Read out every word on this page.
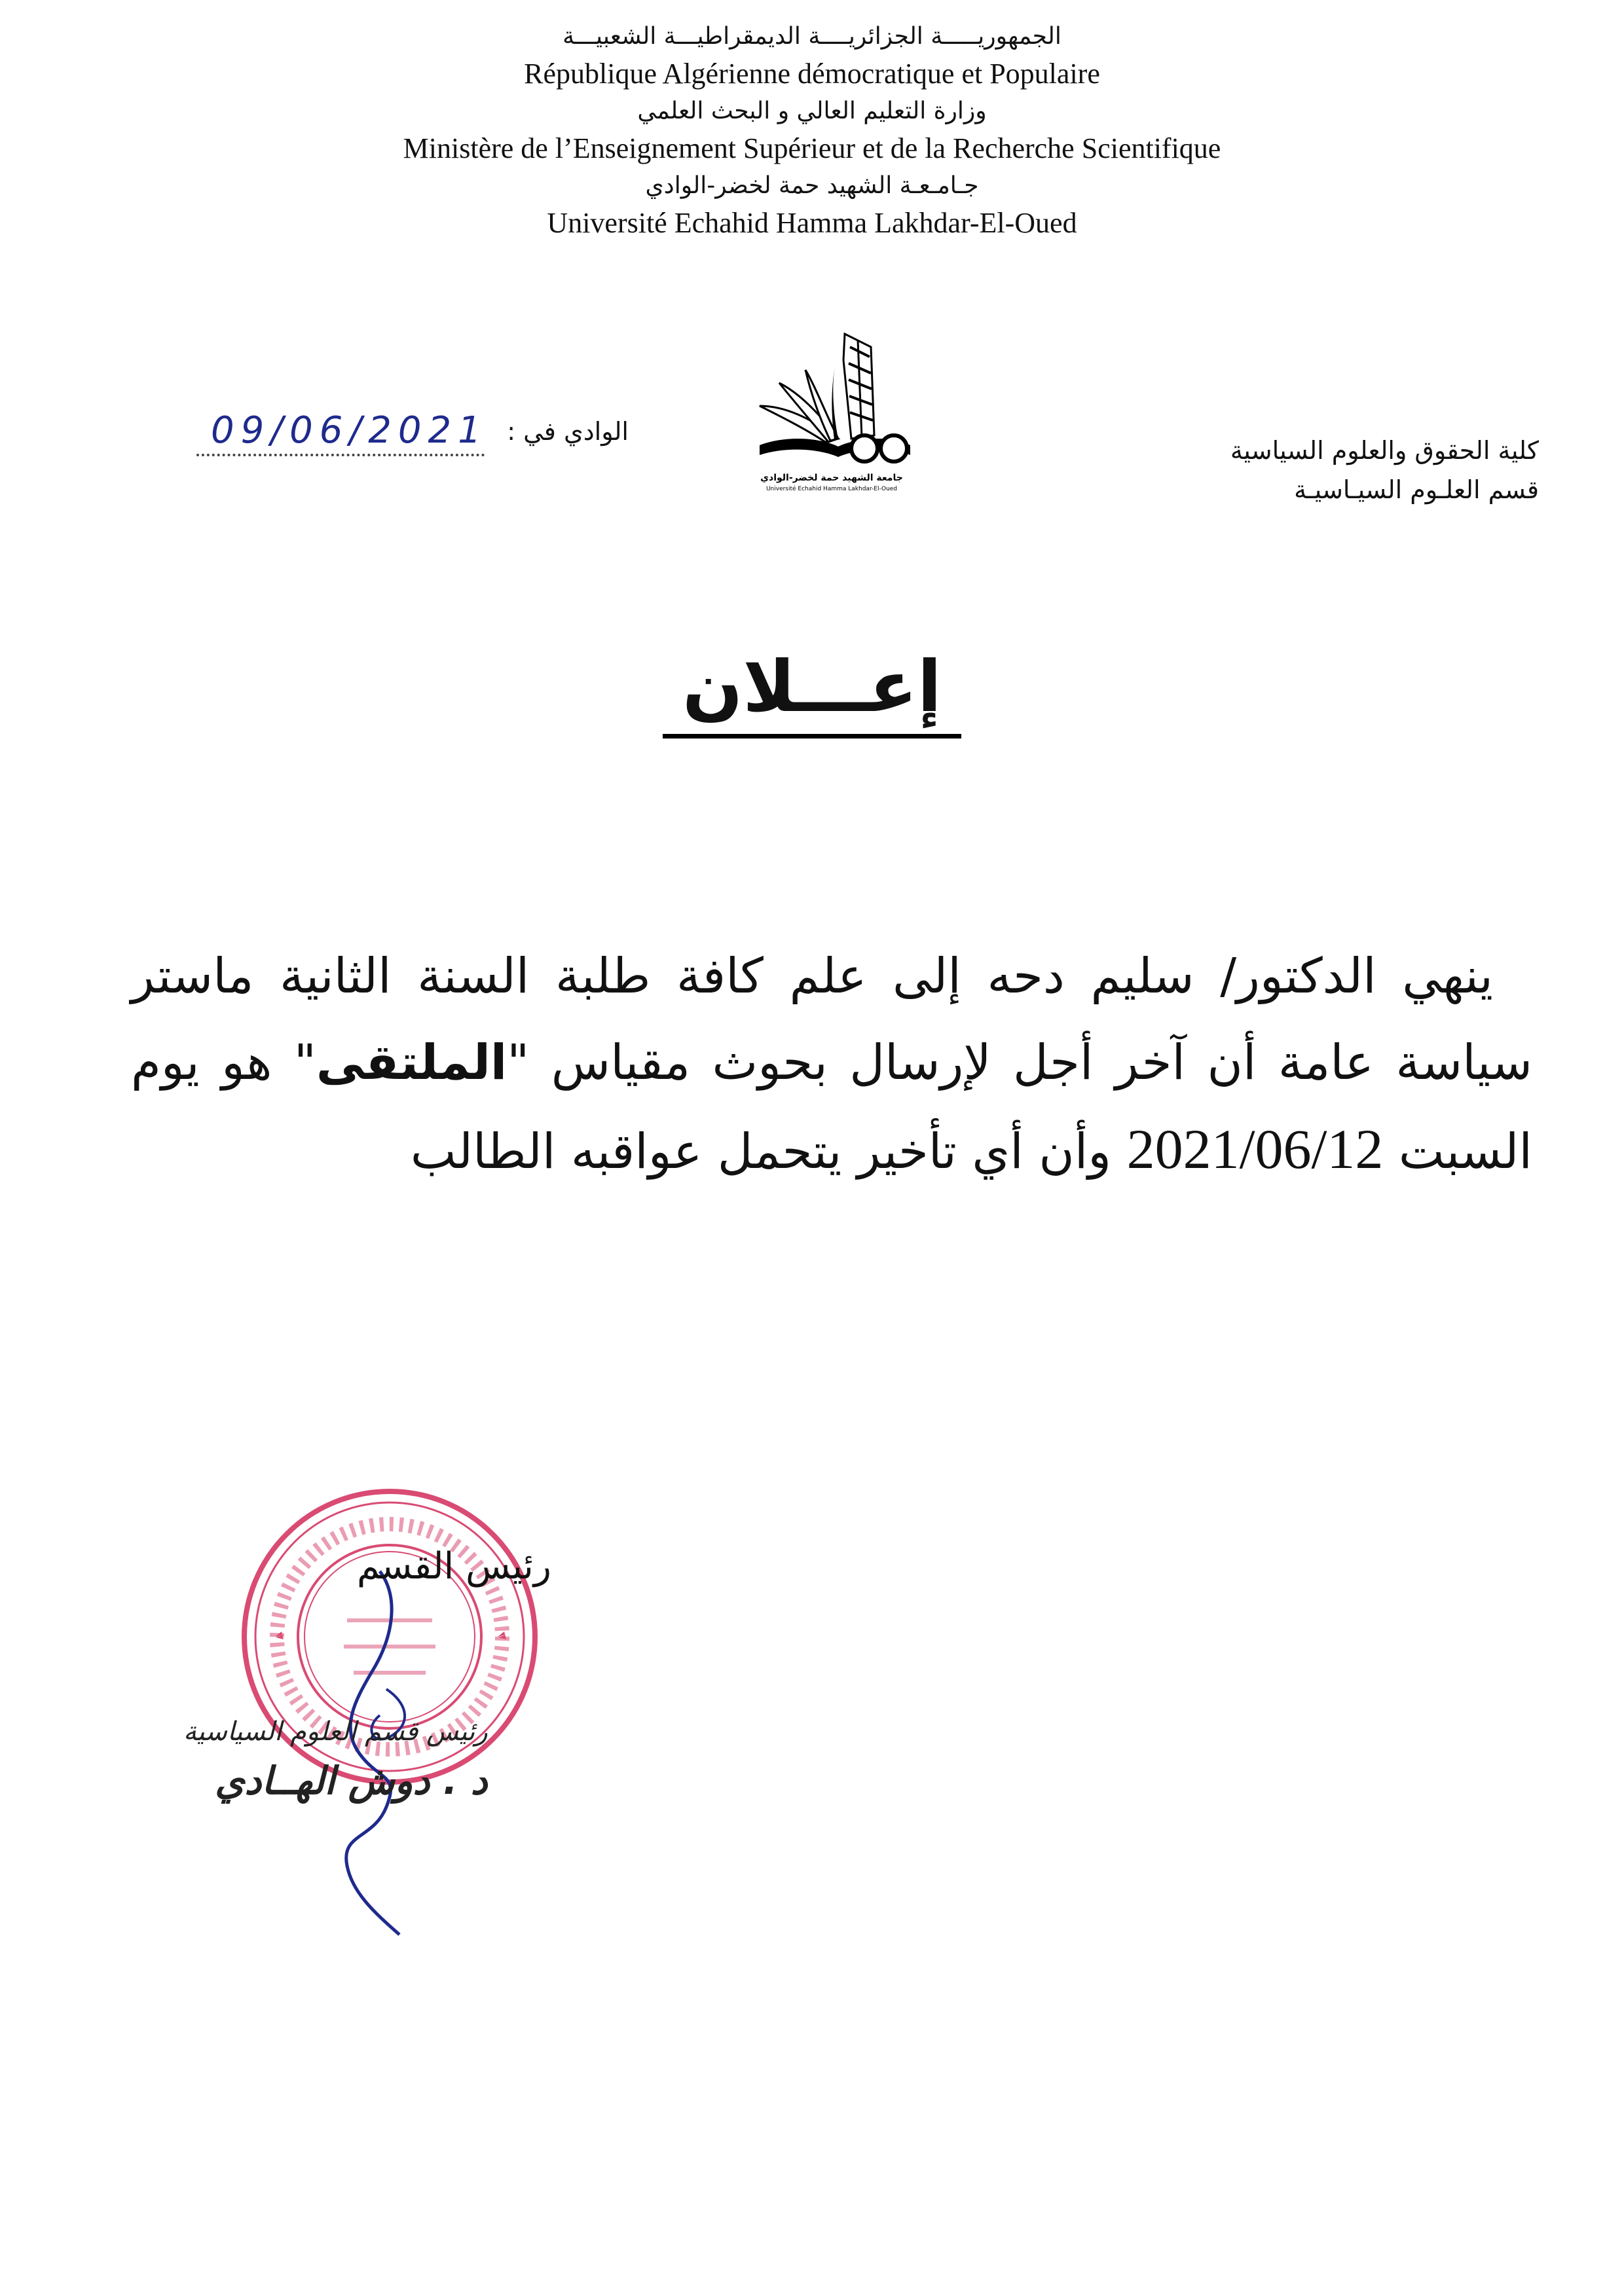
الجمهوريـــــة الجزائريــــة الديمقراطيـــة الشعبيـــة
République Algérienne démocratique et Populaire
وزارة التعليم العالي و البحث العلمي
Ministère de l’Enseignement Supérieur et de la Recherche Scientifique
جـامـعـة الشهيد حمة لخضر-الوادي
Université Echahid Hamma Lakhdar-El-Oued
كلية الحقوق والعلوم السياسية
قسم العلـوم السيـاسيـة
جامعة الشهيد حمة لخضر-الوادي
Université Echahid Hamma Lakhdar-El-Oued
الوادي في :
09/06/2021
إعـــلان
ينهي الدكتور/ سليم دحه إلى علم كافة طلبة السنة الثانية ماستر سياسة عامة أن آخر أجل لإرسال بحوث مقياس "الملتقى" هو يوم السبت 2021/06/12 وأن أي تأخير يتحمل عواقبه الطالب
رئيس القسم
رئيس قسم العلوم السياسية
د . دوش الهــادي
